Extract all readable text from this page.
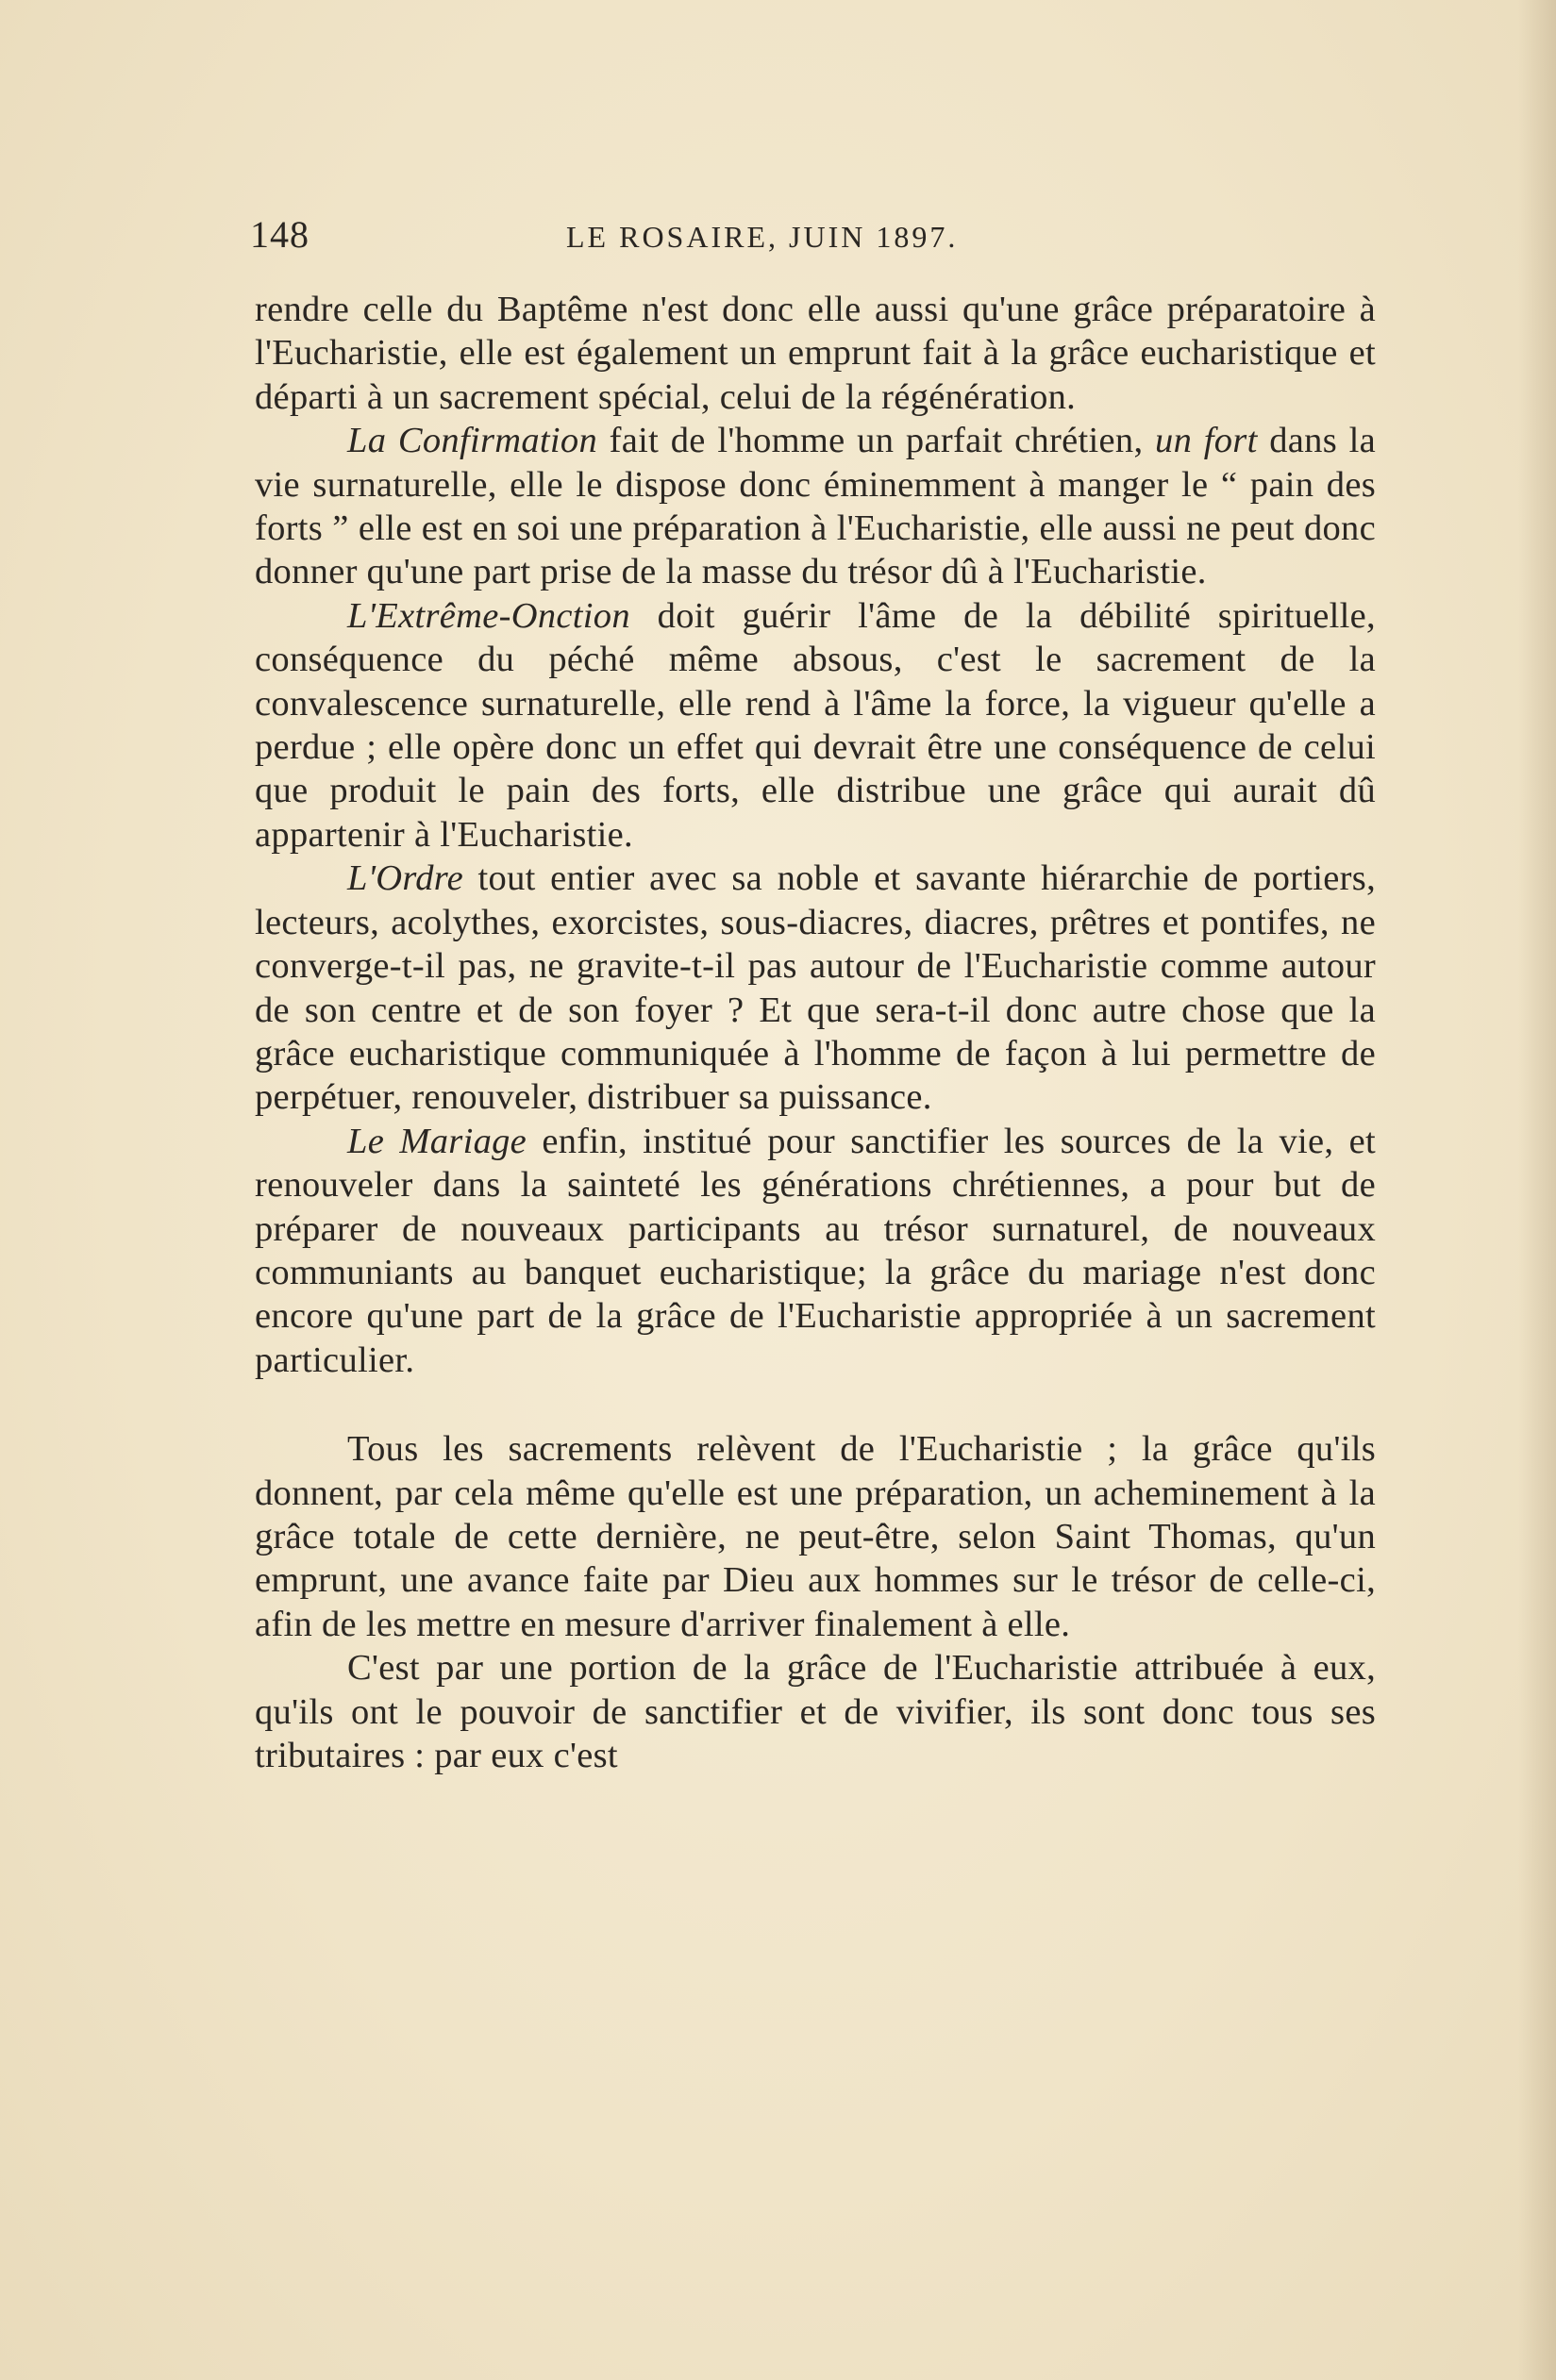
148	LE ROSAIRE, JUIN 1897.

rendre celle du Baptême n'est donc elle aussi qu'une grâce préparatoire à l'Eucharistie, elle est également un emprunt fait à la grâce eucharistique et départi à un sacrement spécial, celui de la régénération.

La Confirmation fait de l'homme un parfait chrétien, un fort dans la vie surnaturelle, elle le dispose donc éminemment à manger le “ pain des forts ” elle est en soi une préparation à l'Eucharistie, elle aussi ne peut donc donner qu'une part prise de la masse du trésor dû à l'Eucharistie.

L'Extrême-Onction doit guérir l'âme de la débilité spirituelle, conséquence du péché même absous, c'est le sacrement de la convalescence surnaturelle, elle rend à l'âme la force, la vigueur qu'elle a perdue ; elle opère donc un effet qui devrait être une conséquence de celui que produit le pain des forts, elle distribue une grâce qui aurait dû appartenir à l'Eucharistie.

L'Ordre tout entier avec sa noble et savante hiérarchie de portiers, lecteurs, acolythes, exorcistes, sous-diacres, diacres, prêtres et pontifes, ne converge-t-il pas, ne gravite-t-il pas autour de l'Eucharistie comme autour de son centre et de son foyer ? Et que sera-t-il donc autre chose que la grâce eucharistique communiquée à l'homme de façon à lui permettre de perpétuer, renouveler, distribuer sa puissance.

Le Mariage enfin, institué pour sanctifier les sources de la vie, et renouveler dans la sainteté les générations chrétiennes, a pour but de préparer de nouveaux participants au trésor surnaturel, de nouveaux communiants au banquet eucharistique; la grâce du mariage n'est donc encore qu'une part de la grâce de l'Eucharistie appropriée à un sacrement particulier.

Tous les sacrements relèvent de l'Eucharistie ; la grâce qu'ils donnent, par cela même qu'elle est une préparation, un acheminement à la grâce totale de cette dernière, ne peut-être, selon Saint Thomas, qu'un emprunt, une avance faite par Dieu aux hommes sur le trésor de celle-ci, afin de les mettre en mesure d'arriver finalement à elle.

C'est par une portion de la grâce de l'Eucharistie attribuée à eux, qu'ils ont le pouvoir de sanctifier et de vivifier, ils sont donc tous ses tributaires : par eux c'est
